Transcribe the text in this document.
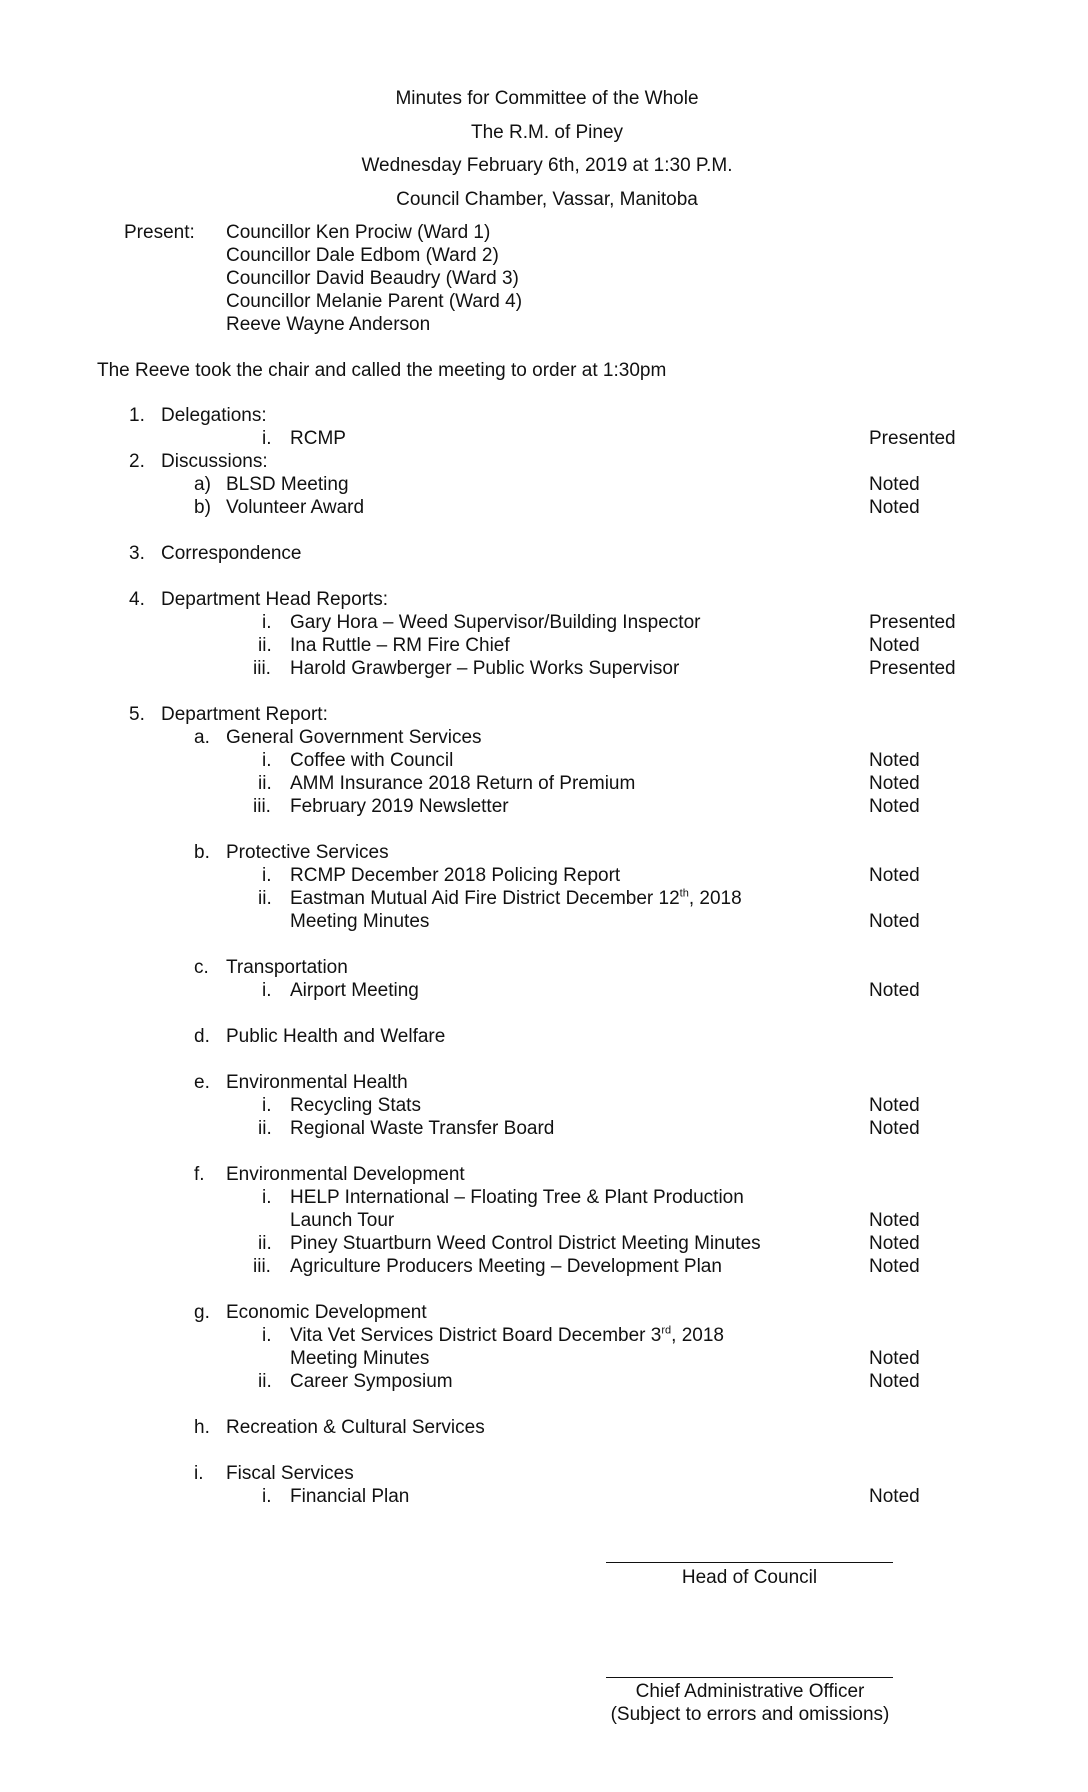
Minutes for Committee of the Whole
The R.M. of Piney
Wednesday February 6th, 2019 at 1:30 P.M.
Council Chamber, Vassar, Manitoba
Present: Councillor Ken Prociw (Ward 1)
Councillor Dale Edbom (Ward 2)
Councillor David Beaudry (Ward 3)
Councillor Melanie Parent (Ward 4)
Reeve Wayne Anderson
The Reeve took the chair and called the meeting to order at 1:30pm
1. Delegations:
i. RCMP	Presented
2. Discussions:
a) BLSD Meeting	Noted
b) Volunteer Award	Noted
3. Correspondence
4. Department Head Reports:
i. Gary Hora – Weed Supervisor/Building Inspector	Presented
ii. Ina Ruttle – RM Fire Chief	Noted
iii. Harold Grawberger – Public Works Supervisor	Presented
5. Department Report:
a. General Government Services
i. Coffee with Council	Noted
ii. AMM Insurance 2018 Return of Premium	Noted
iii. February 2019 Newsletter	Noted
b. Protective Services
i. RCMP December 2018 Policing Report	Noted
ii. Eastman Mutual Aid Fire District December 12th, 2018
Meeting Minutes	Noted
c. Transportation
i. Airport Meeting	Noted
d. Public Health and Welfare
e. Environmental Health
i. Recycling Stats	Noted
ii. Regional Waste Transfer Board	Noted
f. Environmental Development
i. HELP International – Floating Tree & Plant Production
Launch Tour	Noted
ii. Piney Stuartburn Weed Control District Meeting Minutes	Noted
iii. Agriculture Producers Meeting – Development Plan	Noted
g. Economic Development
i. Vita Vet Services District Board December 3rd, 2018
Meeting Minutes	Noted
ii. Career Symposium	Noted
h. Recreation & Cultural Services
i. Fiscal Services
i. Financial Plan	Noted
Head of Council
Chief Administrative Officer
(Subject to errors and omissions)
